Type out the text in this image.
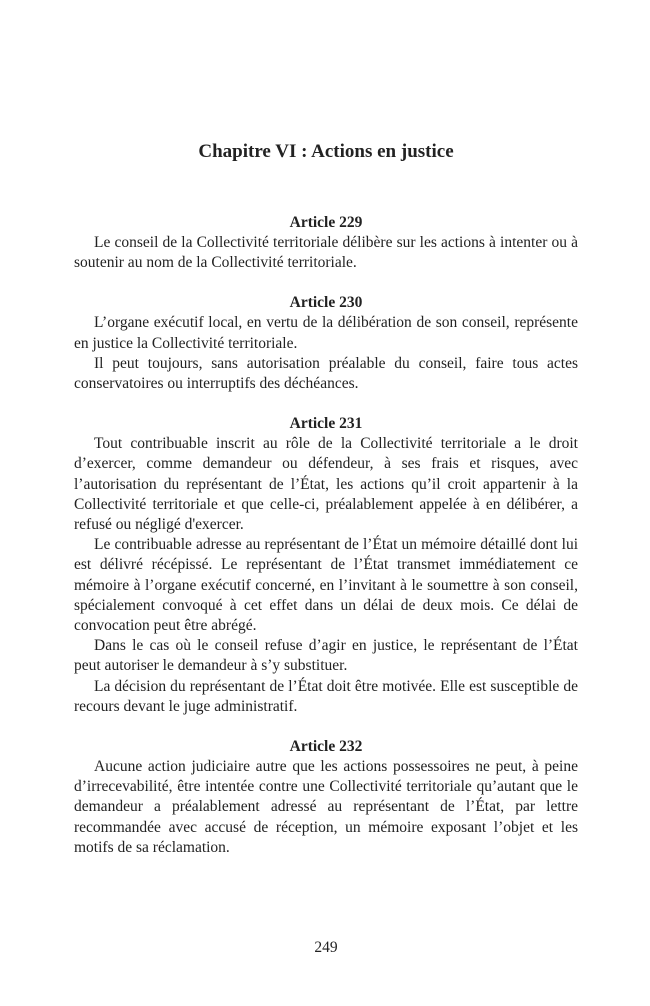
Chapitre VI : Actions en justice

Article 229

Le conseil de la Collectivité territoriale délibère sur les actions à intenter ou à soutenir au nom de la Collectivité territoriale.

Article 230

L’organe exécutif local, en vertu de la délibération de son conseil, représente en justice la Collectivité territoriale.

Il peut toujours, sans autorisation préalable du conseil, faire tous actes conservatoires ou interruptifs des déchéances.

Article 231

Tout contribuable inscrit au rôle de la Collectivité territoriale a le droit d’exercer, comme demandeur ou défendeur, à ses frais et risques, avec l’autorisation du représentant de l’État, les actions qu’il croit appartenir à la Collectivité territoriale et que celle-ci, préalablement appelée à en délibérer, a refusé ou négligé d'exercer.

Le contribuable adresse au représentant de l’État un mémoire détaillé dont lui est délivré récépissé. Le représentant de l’État transmet immédiatement ce mémoire à l’organe exécutif concerné, en l’invitant à le soumettre à son conseil, spécialement convoqué à cet effet dans un délai de deux mois. Ce délai de convocation peut être abrégé.

Dans le cas où le conseil refuse d’agir en justice, le représentant de l’État peut autoriser le demandeur à s’y substituer.

La décision du représentant de l’État doit être motivée. Elle est susceptible de recours devant le juge administratif.

Article 232

Aucune action judiciaire autre que les actions possessoires ne peut, à peine d’irrecevabilité, être intentée contre une Collectivité territoriale qu’autant que le demandeur a préalablement adressé au représentant de l’État, par lettre recommandée avec accusé de réception, un mémoire exposant l’objet et les motifs de sa réclamation.

249
